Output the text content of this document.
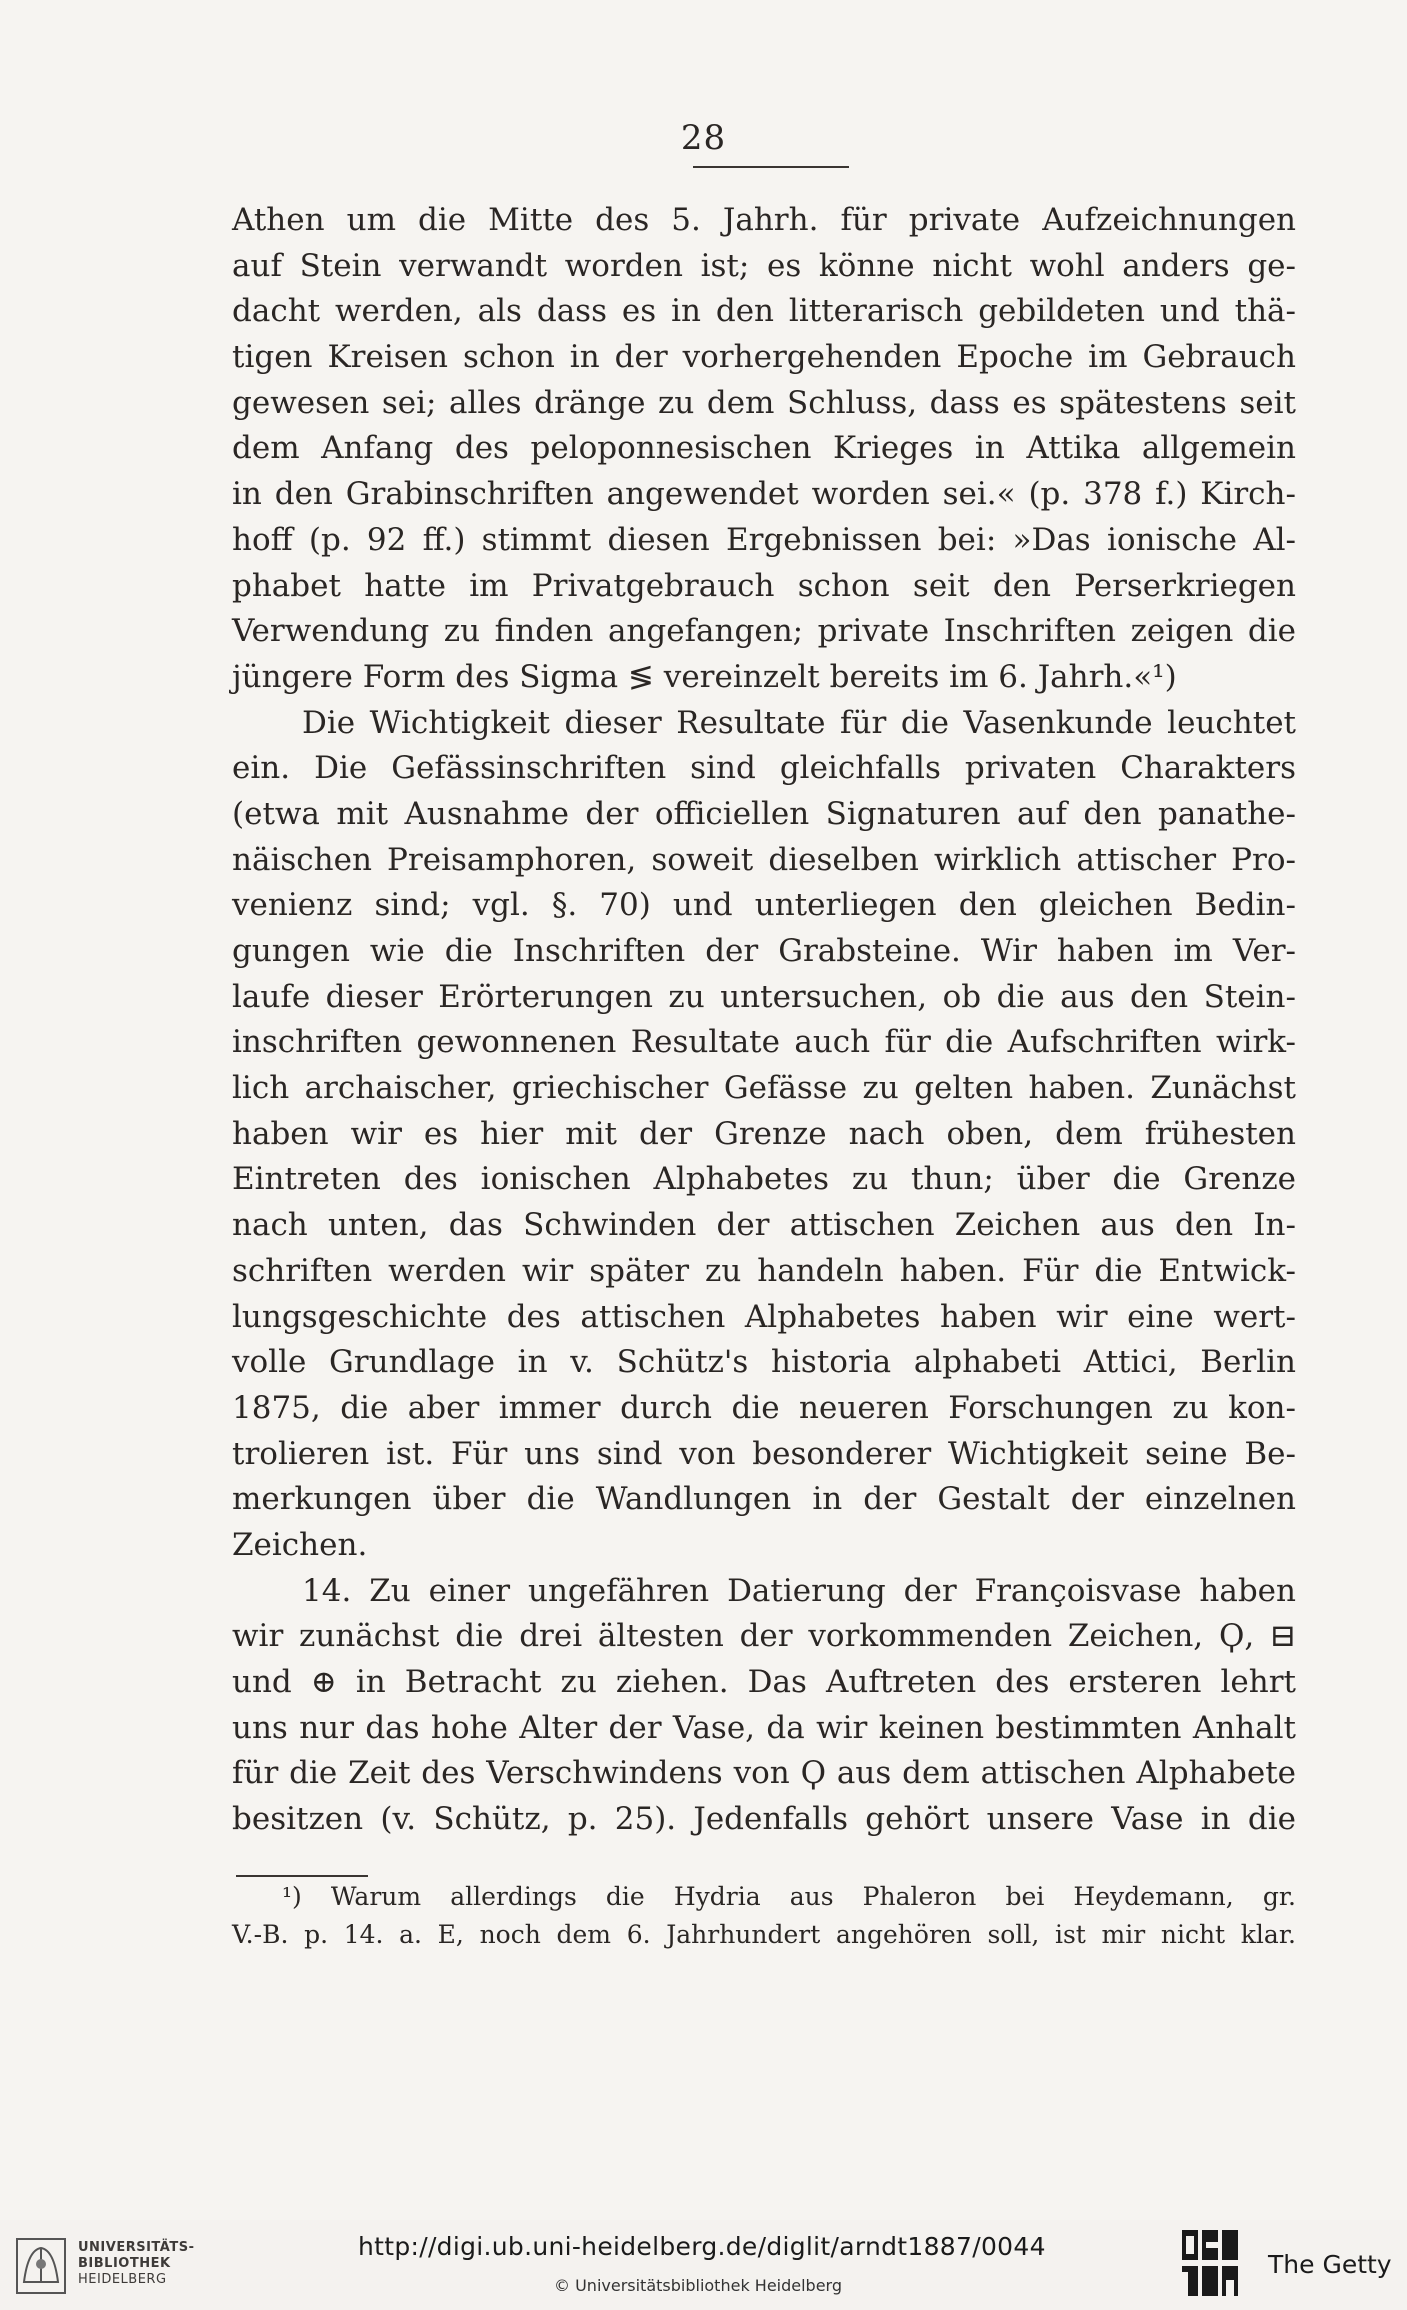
28
Athen um die Mitte des 5. Jahrh. für private Aufzeichnungen
auf Stein verwandt worden ist; es könne nicht wohl anders ge-
dacht werden, als dass es in den litterarisch gebildeten und thä-
tigen Kreisen schon in der vorhergehenden Epoche im Gebrauch
gewesen sei; alles dränge zu dem Schluss, dass es spätestens seit
dem Anfang des peloponnesischen Krieges in Attika allgemein
in den Grabinschriften angewendet worden sei.« (p. 378 f.) Kirch-
hoff (p. 92 ff.) stimmt diesen Ergebnissen bei: »Das ionische Al-
phabet hatte im Privatgebrauch schon seit den Perserkriegen
Verwendung zu finden angefangen; private Inschriften zeigen die
jüngere Form des Sigma ≶ vereinzelt bereits im 6. Jahrh.«¹)
Die Wichtigkeit dieser Resultate für die Vasenkunde leuchtet
ein. Die Gefässinschriften sind gleichfalls privaten Charakters
(etwa mit Ausnahme der officiellen Signaturen auf den panathe-
näischen Preisamphoren, soweit dieselben wirklich attischer Pro-
venienz sind; vgl. §. 70) und unterliegen den gleichen Bedin-
gungen wie die Inschriften der Grabsteine. Wir haben im Ver-
laufe dieser Erörterungen zu untersuchen, ob die aus den Stein-
inschriften gewonnenen Resultate auch für die Aufschriften wirk-
lich archaischer, griechischer Gefässe zu gelten haben. Zunächst
haben wir es hier mit der Grenze nach oben, dem frühesten
Eintreten des ionischen Alphabetes zu thun; über die Grenze
nach unten, das Schwinden der attischen Zeichen aus den In-
schriften werden wir später zu handeln haben. Für die Entwick-
lungsgeschichte des attischen Alphabetes haben wir eine wert-
volle Grundlage in v. Schütz's historia alphabeti Attici, Berlin
1875, die aber immer durch die neueren Forschungen zu kon-
trolieren ist. Für uns sind von besonderer Wichtigkeit seine Be-
merkungen über die Wandlungen in der Gestalt der einzelnen
Zeichen.
14. Zu einer ungefähren Datierung der Françoisvase haben
wir zunächst die drei ältesten der vorkommenden Zeichen, Ϙ, ⊟
und ⊕ in Betracht zu ziehen. Das Auftreten des ersteren lehrt
uns nur das hohe Alter der Vase, da wir keinen bestimmten Anhalt
für die Zeit des Verschwindens von Ϙ aus dem attischen Alphabete
besitzen (v. Schütz, p. 25). Jedenfalls gehört unsere Vase in die
¹) Warum allerdings die Hydria aus Phaleron bei Heydemann, gr.
V.-B. p. 14. a. E, noch dem 6. Jahrhundert angehören soll, ist mir nicht klar.
UNIVERSITÄTS-
BIBLIOTHEK
HEIDELBERG
http://digi.ub.uni-heidelberg.de/diglit/arndt1887/0044
© Universitätsbibliothek Heidelberg
The Getty
